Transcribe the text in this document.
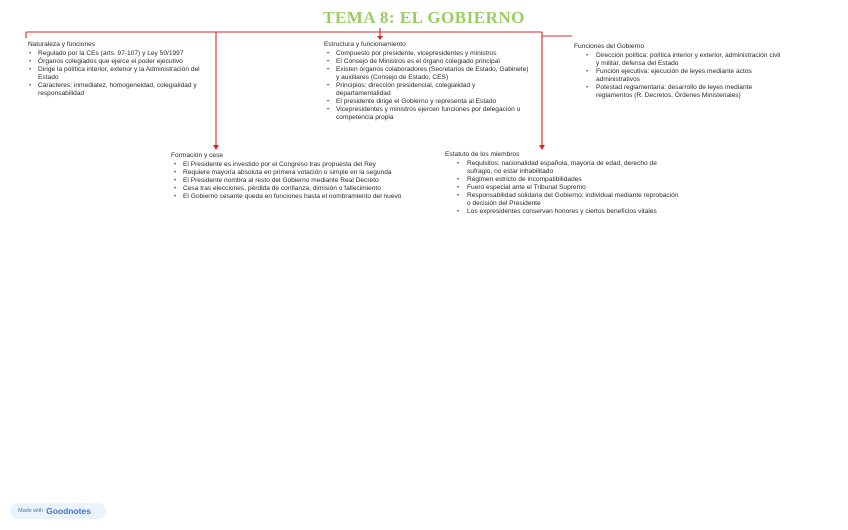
TEMA 8: EL GOBIERNO
Naturaleza y funciones
• Regulado por la CEs (arts. 97-107) y Ley 50/1997
• Órganos colegiados que ejerce el poder ejecutivo
• Dirige la política interior, exterior y la Administración del Estado
• Caracteres: inmediatez, homogeneidad, colegialidad y responsabilidad
Estructura y funcionamiento
• Compuesto por presidente, vicepresidentes y ministros
• El Consejo de Ministros es el órgano colegiado principal
• Existen órganos colaboradores (Secretarios de Estado, Gabinete) y auxiliares (Consejo de Estado, CES)
• Principios: dirección presidencial, colegialidad y departamentalidad
• El presidente dirige el Gobierno y representa al Estado
• Vicepresidentes y ministros ejercen funciones por delegación o competencia propia
Funciones del Gobierno
• Dirección política: política interior y exterior, administración civil y militar, defensa del Estado
• Función ejecutiva: ejecución de leyes mediante actos administrativos
• Potestad reglamentaria: desarrollo de leyes mediante reglamentos (R. Decretos, Órdenes Ministeriales)
Formación y cese
• El Presidente es investido por el Congreso tras propuesta del Rey
• Requiere mayoría absoluta en primera votación o simple en la segunda
• El Presidente nombra al resto del Gobierno mediante Real Decreto
• Cesa tras elecciones, pérdida de confianza, dimisión o fallecimiento
• El Gobierno cesante queda en funciones hasta el nombramiento del nuevo
Estatuto de los miembros
• Requisitos: nacionalidad española, mayoría de edad, derecho de sufragio, no estar inhabilitado
• Régimen estricto de incompatibilidades
• Fuero especial ante el Tribunal Supremo
• Responsabilidad solidaria del Gobierno; individual mediante reprobación o decisión del Presidente
• Los expresidentes conservan honores y ciertos beneficios vitales
Made with Goodnotes
